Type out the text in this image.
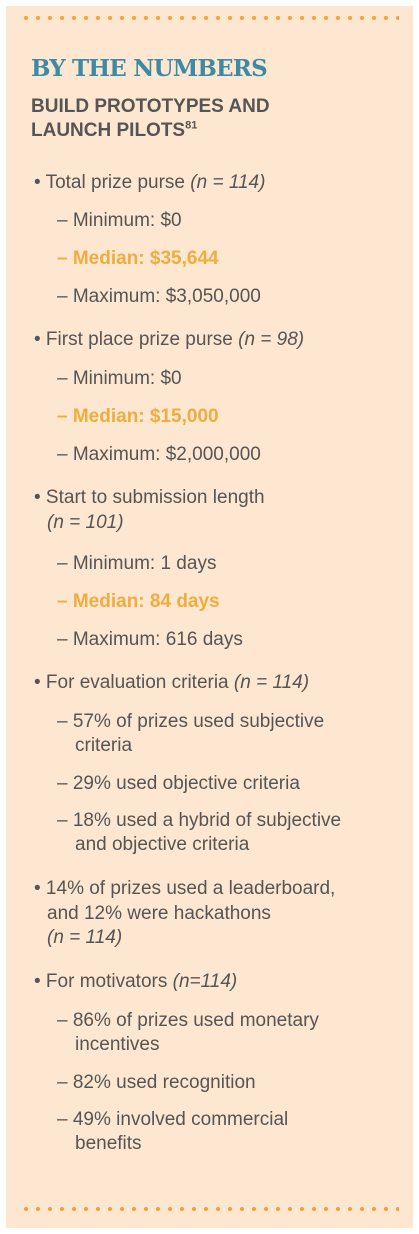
BY THE NUMBERS
BUILD PROTOTYPES AND
LAUNCH PILOTS$^{81}$
• Total prize purse (n = 114)
– Minimum: $0
– Median: $35,644
– Maximum: $3,050,000
• First place prize purse (n = 98)
– Minimum: $0
– Median: $15,000
– Maximum: $2,000,000
• Start to submission length
(n = 101)
– Minimum: 1 days
– Median: 84 days
– Maximum: 616 days
• For evaluation criteria (n = 114)
– 57% of prizes used subjective
criteria
– 29% used objective criteria
– 18% used a hybrid of subjective
and objective criteria
• 14% of prizes used a leaderboard,
and 12% were hackathons
(n = 114)
• For motivators (n=114)
– 86% of prizes used monetary
incentives
– 82% used recognition
– 49% involved commercial
benefits
